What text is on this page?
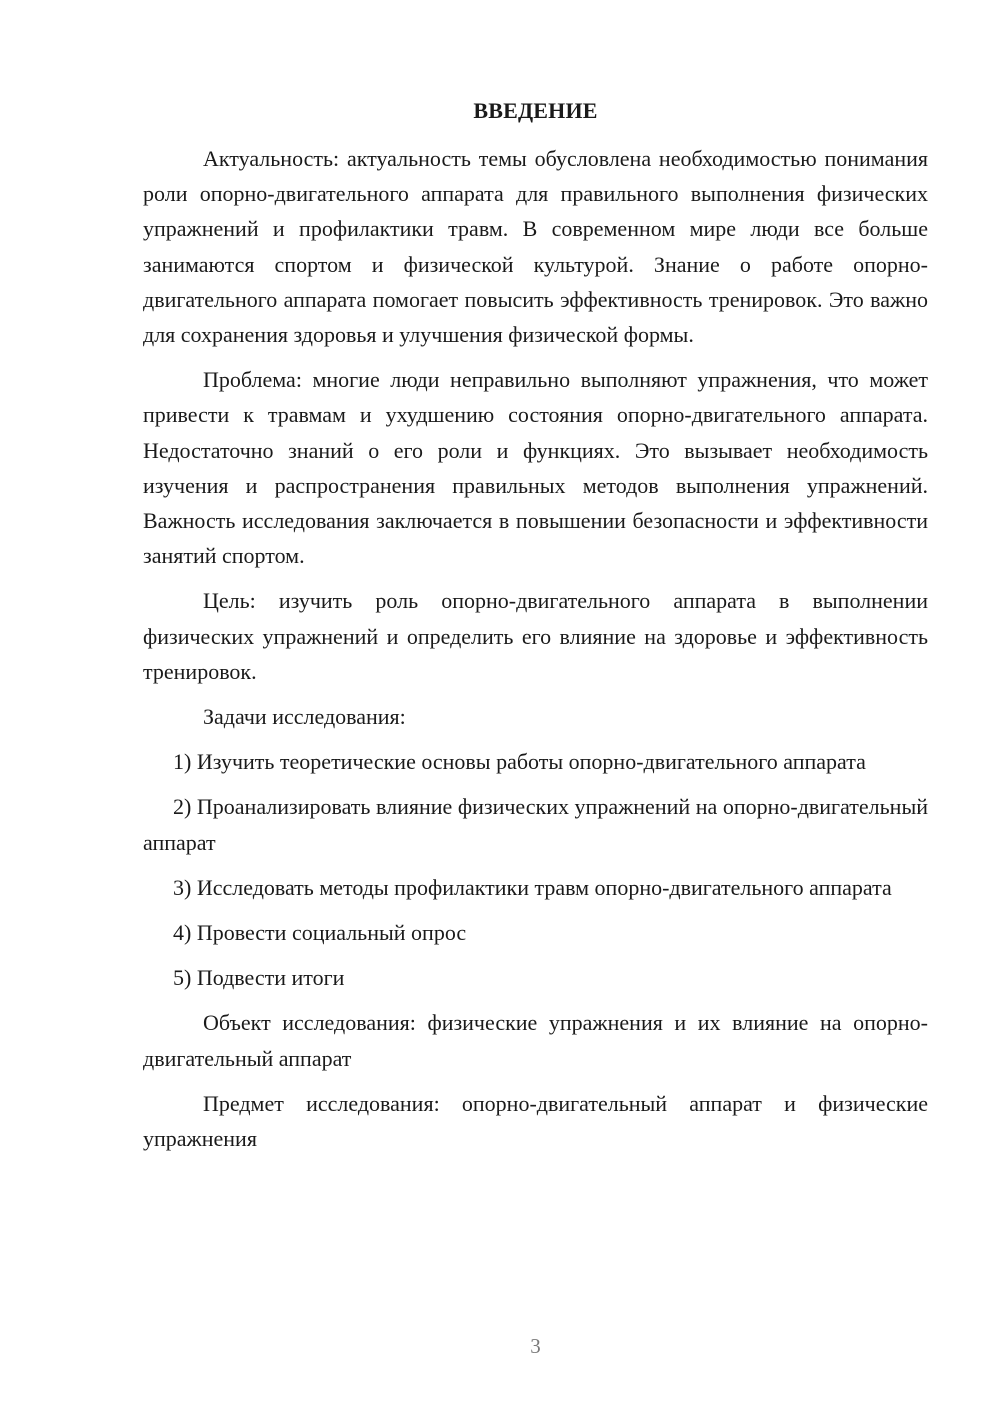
ВВЕДЕНИЕ

Актуальность: актуальность темы обусловлена необходимостью понимания роли опорно-двигательного аппарата для правильного выполнения физических упражнений и профилактики травм. В современном мире люди все больше занимаются спортом и физической культурой. Знание о работе опорно-двигательного аппарата помогает повысить эффективность тренировок. Это важно для сохранения здоровья и улучшения физической формы.

Проблема: многие люди неправильно выполняют упражнения, что может привести к травмам и ухудшению состояния опорно-двигательного аппарата. Недостаточно знаний о его роли и функциях. Это вызывает необходимость изучения и распространения правильных методов выполнения упражнений. Важность исследования заключается в повышении безопасности и эффективности занятий спортом.

Цель: изучить роль опорно-двигательного аппарата в выполнении физических упражнений и определить его влияние на здоровье и эффективность тренировок.

Задачи исследования:

1) Изучить теоретические основы работы опорно-двигательного аппарата

2) Проанализировать влияние физических упражнений на опорно-двигательный аппарат

3) Исследовать методы профилактики травм опорно-двигательного аппарата

4) Провести социальный опрос

5) Подвести итоги

Объект исследования: физические упражнения и их влияние на опорно-двигательный аппарат

Предмет исследования: опорно-двигательный аппарат и физические упражнения

3
